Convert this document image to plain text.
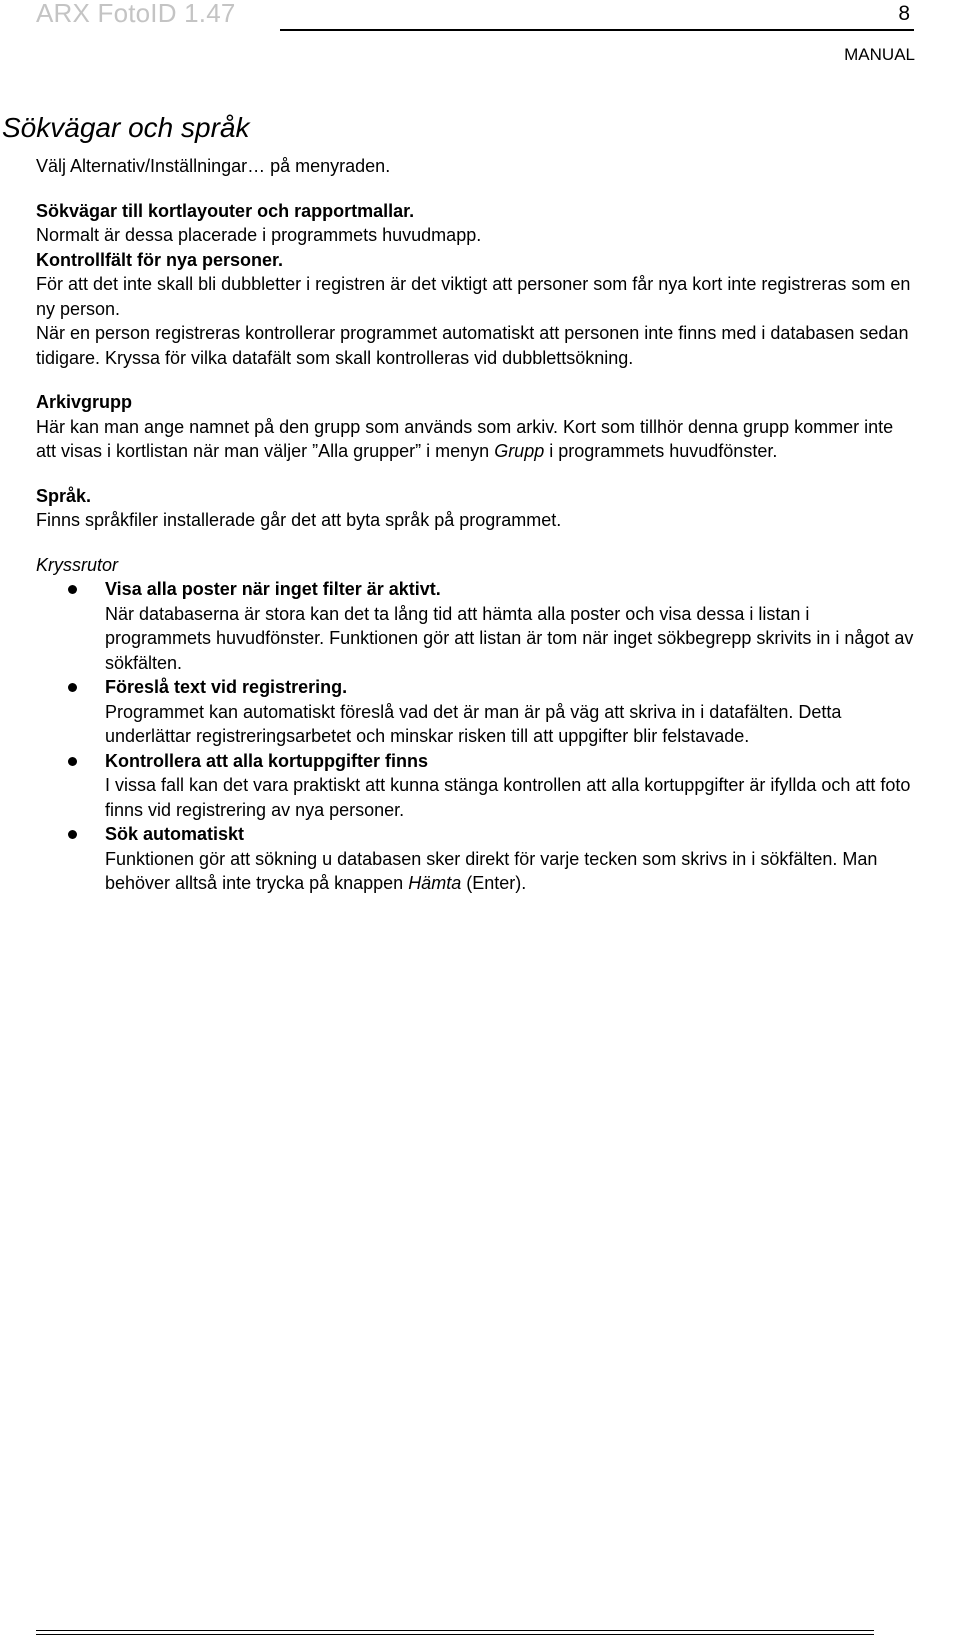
ARX FotoID 1.47	8
MANUAL
Sökvägar och språk

Välj Alternativ/Inställningar… på menyraden.

Sökvägar till kortlayouter och rapportmallar.

Normalt är dessa placerade i programmets huvudmapp.

Kontrollfält för nya personer.

För att det inte skall bli dubbletter i registren är det viktigt att personer som får nya kort inte registreras som en ny person.

När en person registreras kontrollerar programmet automatiskt att personen inte finns med i databasen sedan tidigare. Kryssa för vilka datafält som skall kontrolleras vid dubblettsökning.

Arkivgrupp

Här kan man ange namnet på den grupp som används som arkiv. Kort som tillhör denna grupp kommer inte att visas i kortlistan när man väljer ”Alla grupper” i menyn Grupp i programmets huvudfönster.

Språk.

Finns språkfiler installerade går det att byta språk på programmet.

Kryssrutor

Visa alla poster när inget filter är aktivt.
När databaserna är stora kan det ta lång tid att hämta alla poster och visa dessa i listan i programmets huvudfönster. Funktionen gör att listan är tom när inget sökbegrepp skrivits in i något av sökfälten.
Föreslå text vid registrering.
Programmet kan automatiskt föreslå vad det är man är på väg att skriva in i datafälten. Detta underlättar registreringsarbetet och minskar risken till att uppgifter blir felstavade.
Kontrollera att alla kortuppgifter finns
I vissa fall kan det vara praktiskt att kunna stänga kontrollen att alla kortuppgifter är ifyllda och att foto finns vid registrering av nya personer.
Sök automatiskt
Funktionen gör att sökning u databasen sker direkt för varje tecken som skrivs in i sökfälten. Man behöver alltså inte trycka på knappen Hämta (Enter).
